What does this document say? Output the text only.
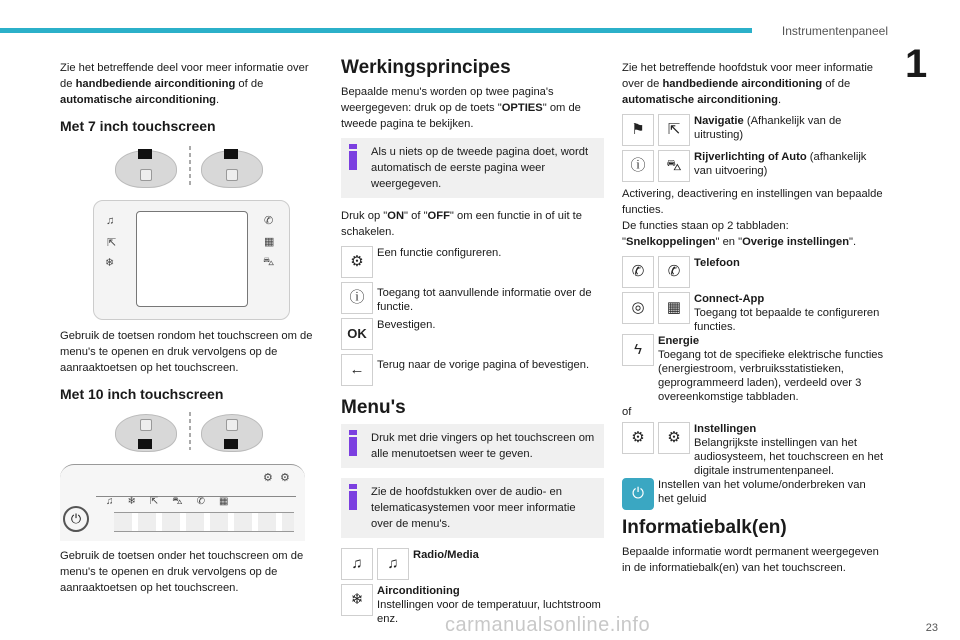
Instrumentenpaneel
1

Zie het betreffende deel voor meer informatie over de handbediende airconditioning of de automatische airconditioning.

Met 7 inch touchscreen
♫
⇱
❄
✆
▦
⛍

Gebruik de toetsen rondom het touchscreen om de menu's te openen en druk vervolgens op de aanraaktoetsen op het touchscreen.

Met 10 inch touchscreen
⚙ ⚙
♫❄⇱⛍✆▦
⏻

Gebruik de toetsen onder het touchscreen om de menu's te openen en druk vervolgens op de aanraaktoetsen op het touchscreen.

Werkingsprincipes

Bepaalde menu's worden op twee pagina's weergegeven: druk op de toets "OPTIES" om de tweede pagina te bekijken.

Als u niets op de tweede pagina doet, wordt automatisch de eerste pagina weer weergegeven.

Druk op "ON" of "OFF" om een functie in of uit te schakelen.

⚙	Een functie configureren.
ⓘ	Toegang tot aanvullende informatie over de functie.
OK
Bevestigen.
←	Terug naar de vorige pagina of bevestigen.
Menu's
Druk met drie vingers op het touchscreen om alle menutoetsen weer te geven.
Zie de hoofdstukken over de audio- en telematicasystemen voor meer informatie over de menu's.
♫	♫	Radio/Media
❄	Airconditioning
Instellingen voor de temperatuur, luchtstroom enz.

Zie het betreffende hoofdstuk voor meer informatie over de handbediende airconditioning of de automatische airconditioning.

⚑	⇱	Navigatie (Afhankelijk van de uitrusting)
ⓘ	⛍	Rijverlichting of Auto (afhankelijk van uitvoering)

Activering, deactivering en instellingen van bepaalde functies.

De functies staan op 2 tabbladen: "Snelkoppelingen" en "Overige instellingen".

✆	✆	Telefoon
◎	▦	Connect-App
Toegang tot bepaalde te configureren functies.
ϟ	Energie
Toegang tot de specifieke elektrische functies (energiestroom, verbruiksstatistieken, geprogrammeerd laden), verdeeld over 3 overeenkomstige tabbladen.

of

⚙	⚙	Instellingen
Belangrijkste instellingen van het audiosysteem, het touchscreen en het digitale instrumentenpaneel.
⏻	Instellen van het volume/onderbreken van het geluid
Informatiebalk(en)

Bepaalde informatie wordt permanent weergegeven in de informatiebalk(en) van het touchscreen.

carmanualsonline.info	23
